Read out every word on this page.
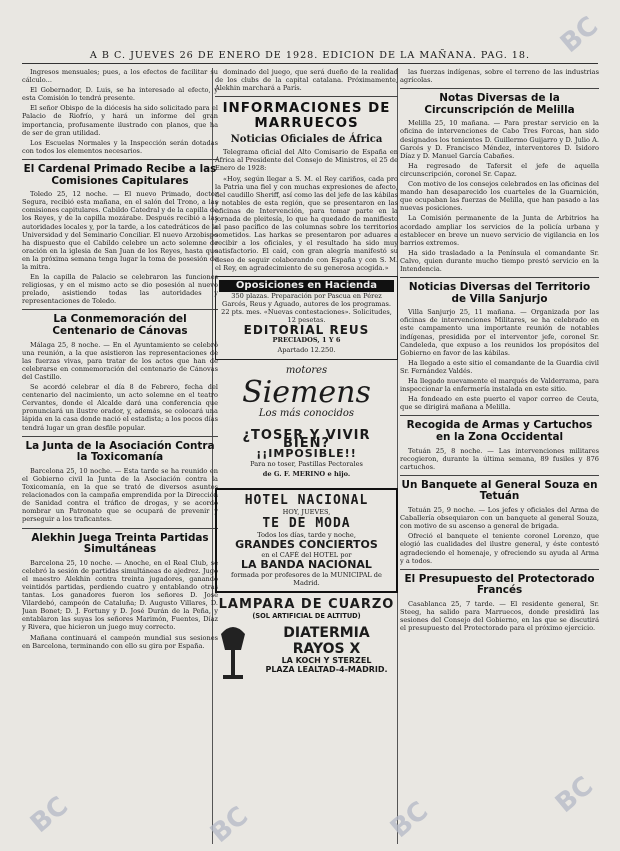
A B C. JUEVES 26 DE ENERO DE 1928. EDICION DE LA MAÑANA. PAG. 18.

Ingresos mensuales; pues, a los efectos de facilitar su cálculo...

El Gobernador, D. Luis, se ha interesado al efecto, y esta Comisión lo tendrá presente.

El señor Obispo de la diócesis ha sido solicitado para el Palacio de Riofrío, y hará un informe del gran importancia, profusamente ilustrado con planos, que ha de ser de gran utilidad.

Los Escuelas Normales y la Inspección serán dotadas con todos los elementos necesarios.

El Cardenal Primado Recibe a las Comisiones Capitulares

Toledo 25, 12 noche. — El nuevo Primado, doctor Segura, recibió esta mañana, en el salón del Trono, a las comisiones capitulares. Cabildo Catedral y de la capilla de los Reyes, y de la capilla mozárabe. Después recibió a las autoridades locales y, por la tarde, a los catedráticos de la Universidad y del Seminario Conciliar. El nuevo Arzobispo ha dispuesto que el Cabildo celebre un acto solemne de oración en la iglesia de San Juan de los Reyes, hasta que en la próxima semana tenga lugar la toma de posesión de la mitra.

En la capilla de Palacio se celebraron las funciones religiosas, y en el mismo acto se dio posesión al nuevo prelado, asistiendo todas las autoridades y representaciones de Toledo.

La Conmemoración del Centenario de Cánovas

Málaga 25, 8 noche. — En el Ayuntamiento se celebró una reunión, a la que asistieron las representaciones de las fuerzas vivas, para tratar de los actos que han de celebrarse en conmemoración del centenario de Cánovas del Castillo.

Se acordó celebrar el día 8 de Febrero, fecha del centenario del nacimiento, un acto solemne en el teatro Cervantes, donde el Alcalde dará una conferencia que pronunciará un ilustre orador, y, además, se colocará una lápida en la casa donde nació el estadista; a los pocos días tendrá lugar un gran desfile popular.

La Junta de la Asociación Contra la Toxicomanía

Barcelona 25, 10 noche. — Esta tarde se ha reunido en el Gobierno civil la Junta de la Asociación contra la Toxicomanía, en la que se trató de diversos asuntos relacionados con la campaña emprendida por la Dirección de Sanidad contra el tráfico de drogas, y se acordó nombrar un Patronato que se ocupará de prevenir y perseguir a los traficantes.

Alekhin Juega Treinta Partidas Simultáneas

Barcelona 25, 10 noche. — Anoche, en el Real Club, se celebró la sesión de partidas simultáneas de ajedrez. Jugó el maestro Alekhin contra treinta jugadores, ganando veintidós partidas, perdiendo cuatro y entablando otras tantas. Los ganadores fueron los señores D. José Vilardebó, campeón de Cataluña; D. Augusto Villares, D. Juan Bonet; D. J. Fortuny y D. José Durán de la Peña, y entablaron las suyas los señores Marimón, Fuentes, Díaz y Rivera, que hicieron un juego muy correcto.

Mañana continuará el campeón mundial sus sesiones en Barcelona, terminando con ello su gira por España.

dominado del juego, que será dueño de la realidad de los clubs de la capital catalana. Próximamente, Alekhin marchará a París.

INFORMACIONES DE MARRUECOS
Noticias Oficiales de África

Telegrama oficial del Alto Comisario de España en África al Presidente del Consejo de Ministros, el 25 de Enero de 1928:

«Hoy, según llegar a S. M. el Rey cariños, cada pro la Patria una fiel y con muchas expresiones de afecto, del caudillo Sheriff, así como las del jefe de las kábilas y notables de esta región, que se presentaron en las oficinas de Intervención, para tomar parte en la jornada de pleitesía, lo que ha quedado de manifiesto el paso pacífico de las columnas sobre los territorios sometidos. Las harkas se presentaron por aduares a recibir a los oficiales, y el resultado ha sido muy satisfactorio. El caíd, con gran alegría manifestó su deseo de seguir colaborando con España y con S. M. el Rey, en agradecimiento de su generosa acogida.»

Oposiciones en Hacienda

350 plazas. Preparación por Pascua en Pérez Garcés, Reus y Aguado, autores de los programas. 22 pts. mes. «Nuevas contestaciones». Solicitudes, 12 pesetas.

EDITORIAL REUS

PRECIADOS, 1 Y 6

Apartado 12.250.

motores

Siemens

Los más conocidos

¿TOSER Y VIVIR BIEN?

¡¡IMPOSIBLE!!

Para no toser, Pastillas Pectorales

de G. F. MERINO e hijo.

HOTEL NACIONAL
HOY, JUEVES,
TE DE MODA
Todos los días, tarde y noche,
GRANDES CONCIERTOS
en el CAFÉ del HOTEL por
LA BANDA NACIONAL
formada por profesores de la MUNICIPAL de Madrid.
LAMPARA DE CUARZO
(SOL ARTIFICIAL DE ALTITUD)
DIATERMIA
RAYOS X
LA KOCH Y STERZEL
PLAZA LEALTAD-4-MADRID.

las fuerzas indígenas, sobre el terreno de las industrias agrícolas.

Notas Diversas de la Circunscripción de Melilla

Melilla 25, 10 mañana. — Para prestar servicio en la oficina de intervenciones de Cabo Tres Forcas, han sido designados los tenientes D. Guillermo Guijarro y D. Julio A. Garcés y D. Francisco Méndez, interventores D. Isidoro Díaz y D. Manuel García Cabañes.

Ha regresado de Tafersit el jefe de aquella circunscripción, coronel Sr. Capaz.

Con motivo de los consejos celebrados en las oficinas del mando han desaparecido los cuarteles de la Guarnición, que ocupaban las fuerzas de Melilla, que han pasado a las nuevas posiciones.

La Comisión permanente de la Junta de Arbitrios ha acordado ampliar los servicios de la policía urbana y establecer en breve un nuevo servicio de vigilancia en los barrios extremos.

Ha sido trasladado a la Península el comandante Sr. Calvo, quien durante mucho tiempo prestó servicio en la Intendencia.

Noticias Diversas del Territorio de Villa Sanjurjo

Villa Sanjurjo 25, 11 mañana. — Organizada por las oficinas de intervenciones Militares, se ha celebrado en este campamento una importante reunión de notables indígenas, presidida por el interventor jefe, coronel Sr. Candeleda, que expuso a los reunidos los propósitos del Gobierno en favor de las kábilas.

Ha llegado a este sitio el comandante de la Guardia civil Sr. Fernández Valdés.

Ha llegado nuevamente el marqués de Valderrama, para inspeccionar la enfermería instalada en este sitio.

Ha fondeado en este puerto el vapor correo de Ceuta, que se dirigirá mañana a Melilla.

Recogida de Armas y Cartuchos en la Zona Occidental

Tetuán 25, 8 noche. — Las intervenciones militares recogieron, durante la última semana, 89 fusiles y 876 cartuchos.

Un Banquete al General Souza en Tetuán

Tetuán 25, 9 noche. — Los jefes y oficiales del Arma de Caballería obsequiaron con un banquete al general Souza, con motivo de su ascenso a general de brigada.

Ofreció el banquete el teniente coronel Lorenzo, que elogió las cualidades del ilustre general, y éste contestó agradeciendo el homenaje, y ofreciendo su ayuda al Arma y a todos.

El Presupuesto del Protectorado Francés

Casablanca 25, 7 tarde. — El residente general, Sr. Steeg, ha salido para Marruecos, donde presidirá las sesiones del Consejo del Gobierno, en las que se discutirá el presupuesto del Protectorado para el próximo ejercicio.

BC	BC	BC
BC
BC
